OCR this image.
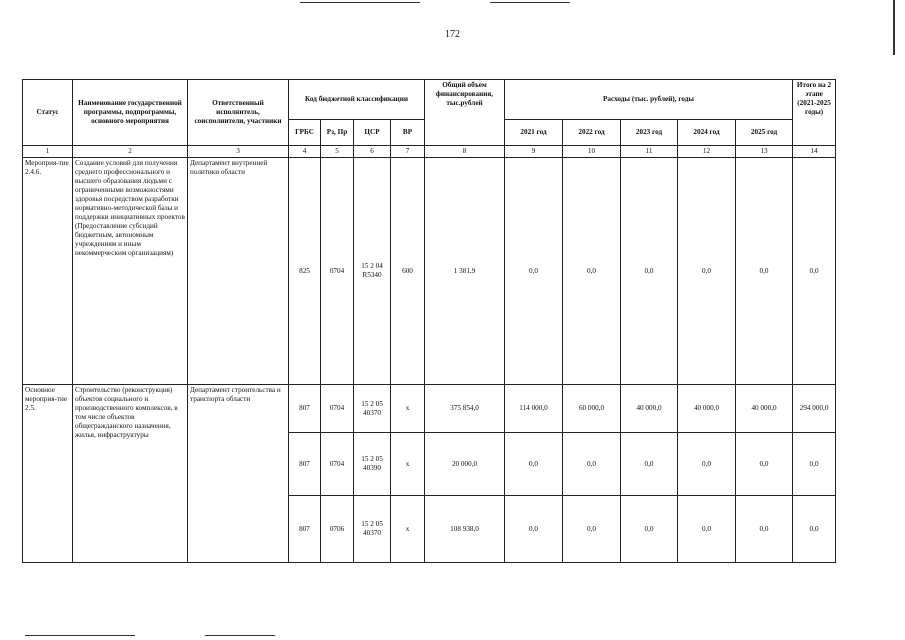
172
Статус	Наименование государственной программы, подпрограммы, основного мероприятия	Ответственный исполнитель, соисполнители, участники	Код бюджетной классификации				Общий объем финансирования, тыс.рублей	Расходы (тыс. рублей), годы					Итого на 2 этапе (2021-2025 годы)
			ГРБС	Рз, Пр	ЦСР	ВР		2021 год	2022 год	2023 год	2024 год	2025 год	
1	2	3	4	5	6	7	8	9	10	11	12	13	14
Мероприя-тие 2.4.6.	Создание условий для получения среднего профессионального и высшего образования людьми с ограниченными возможностями здоровья посредством разработки нормативно-методической базы и поддержки инициативных проектов (Предоставление субсидий бюджетным, автономным учреждениям и иным некоммерческим организациям)	Департамент внутренней политики области	825	0704	15 2 04 R5340	600	1 381,9	0,0	0,0	0,0	0,0	0,0	0,0
Основное мероприя-тие 2.5.	Строительство (реконструкция) объектов социального и производственного комплексов, в том числе объектов общегражданского назначения, жилья, инфраструктуры	Департамент строительства и транспорта области	807	0704	15 2 05 40370	х	375 854,0	114 000,0	60 000,0	40 000,0	40 000,0	40 000,0	294 000,0
			807	0704	15 2 05 40390	х	20 000,0	0,0	0,0	0,0	0,0	0,0	0,0
			807	0706	15 2 05 40370	х	108 938,0	0,0	0,0	0,0	0,0	0,0	0,0
